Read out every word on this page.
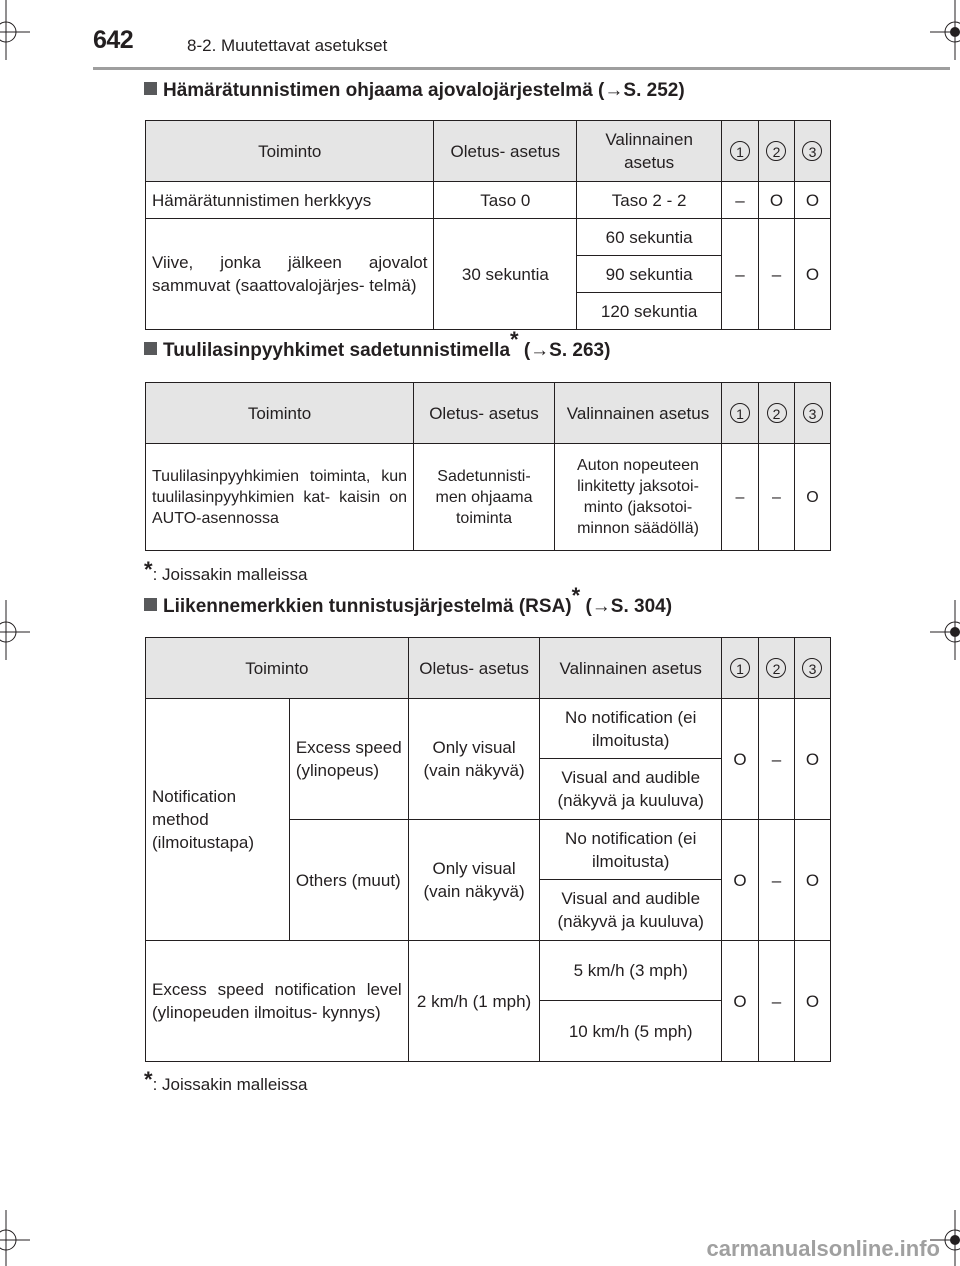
642	8-2. Muutettavat asetukset
Hämärätunnistimen ohjaama ajovalojärjestelmä (→S. 252)
Toiminto	Oletus- asetus	Valinnainen asetus	1	2	3
Hämärätunnistimen herkkyys	Taso 0	Taso 2 - 2	–	O	O
Viive, jonka jälkeen ajovalot sammuvat (saattovalojärjes- telmä)	30 sekuntia	60 sekuntia	–	–	O
		90 sekuntia			
		120 sekuntia			
Tuulilasinpyyhkimet sadetunnistimella* (→S. 263)
Toiminto	Oletus- asetus	Valinnainen asetus	1	2	3
Tuulilasinpyyhkimien toiminta, kun tuulilasinpyyhkimien kat- kaisin on AUTO-asennossa	Sadetunnisti- men ohjaama toiminta	Auton nopeuteen linkitetty jaksotoi- minto (jaksotoi- minnon säädöllä)	–	–	O
*: Joissakin malleissa
Liikennemerkkien tunnistusjärjestelmä (RSA)* (→S. 304)
Toiminto		Oletus- asetus	Valinnainen asetus	1	2	3
Notification method (ilmoitustapa)	Excess speed (ylinopeus)	Only visual (vain näkyvä)	No notification (ei ilmoitusta)	O	–	O
			Visual and audible (näkyvä ja kuuluva)			
	Others (muut)	Only visual (vain näkyvä)	No notification (ei ilmoitusta)	O	–	O
			Visual and audible (näkyvä ja kuuluva)			
Excess speed notification level (ylinopeuden ilmoitus- kynnys)		2 km/h (1 mph)	5 km/h (3 mph)	O	–	O
			10 km/h (5 mph)			
*: Joissakin malleissa
carmanualsonline.info
